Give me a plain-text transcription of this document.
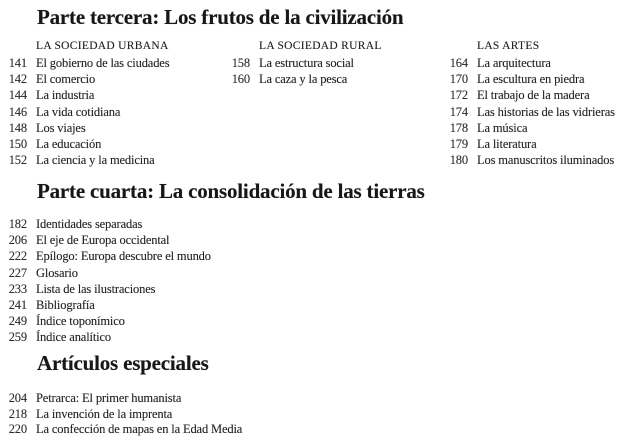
Parte tercera: Los frutos de la civilización
LA SOCIEDAD URBANA
141 El gobierno de las ciudades
142 El comercio
144 La industria
146 La vida cotidiana
148 Los viajes
150 La educación
152 La ciencia y la medicina
LA SOCIEDAD RURAL
158 La estructura social
160 La caza y la pesca
LAS ARTES
164 La arquitectura
170 La escultura en piedra
172 El trabajo de la madera
174 Las historias de las vidrieras
178 La música
179 La literatura
180 Los manuscritos iluminados
Parte cuarta: La consolidación de las tierras
182 Identidades separadas
206 El eje de Europa occidental
222 Epílogo: Europa descubre el mundo
227 Glosario
233 Lista de las ilustraciones
241 Bibliografía
249 Índice toponímico
259 Índice analítico
Artículos especiales
204 Petrarca: El primer humanista
218 La invención de la imprenta
220 La confección de mapas en la Edad Media
